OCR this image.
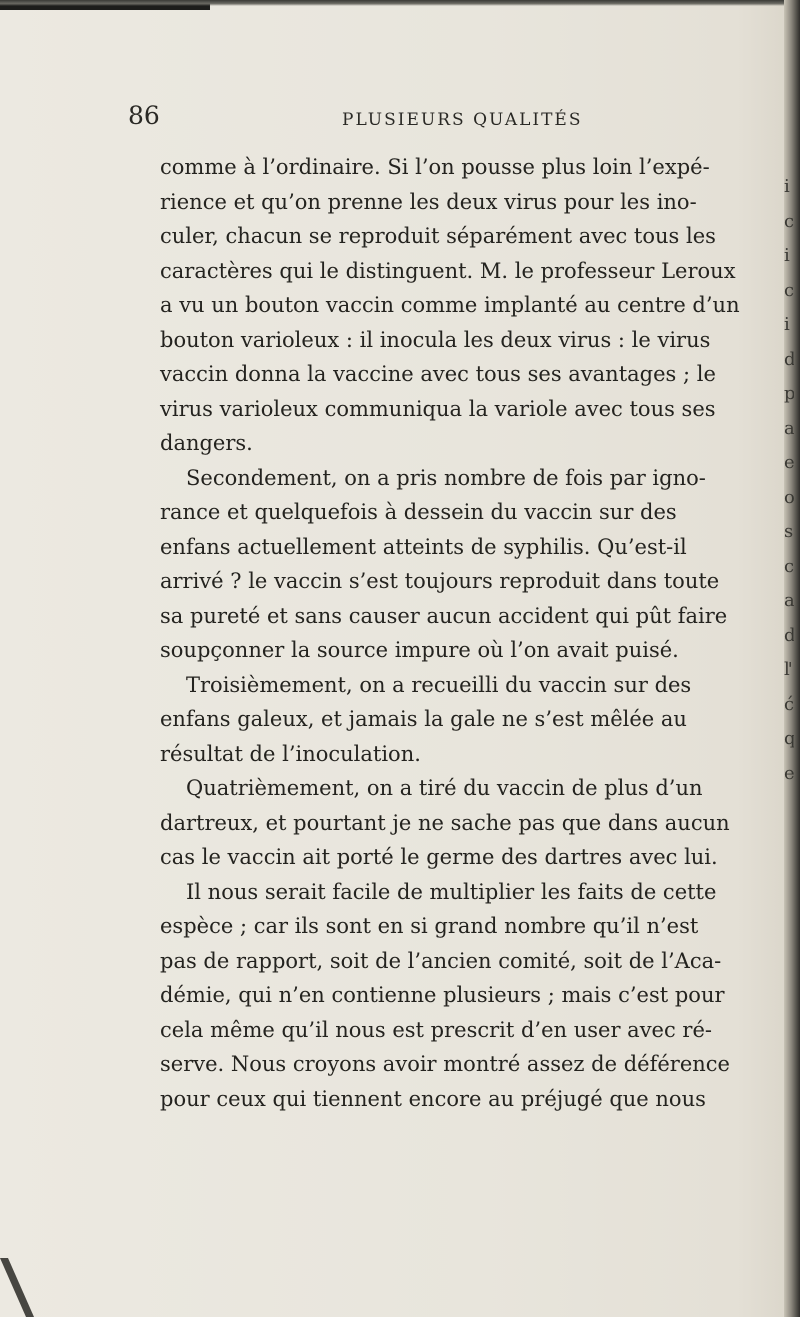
86	PLUSIEURS QUALITÉS
comme à l’ordinaire. Si l’on pousse plus loin l’expé-
rience et qu’on prenne les deux virus pour les ino-
culer, chacun se reproduit séparément avec tous les
caractères qui le distinguent. M. le professeur Leroux
a vu un bouton vaccin comme implanté au centre d’un
bouton varioleux : il inocula les deux virus : le virus
vaccin donna la vaccine avec tous ses avantages ; le
virus varioleux communiqua la variole avec tous ses
dangers.
Secondement, on a pris nombre de fois par igno-
rance et quelquefois à dessein du vaccin sur des
enfans actuellement atteints de syphilis. Qu’est-il
arrivé ? le vaccin s’est toujours reproduit dans toute
sa pureté et sans causer aucun accident qui pût faire
soupçonner la source impure où l’on avait puisé.
Troisièmement, on a recueilli du vaccin sur des
enfans galeux, et jamais la gale ne s’est mêlée au
résultat de l’inoculation.
Quatrièmement, on a tiré du vaccin de plus d’un
dartreux, et pourtant je ne sache pas que dans aucun
cas le vaccin ait porté le germe des dartres avec lui.
Il nous serait facile de multiplier les faits de cette
espèce ; car ils sont en si grand nombre qu’il n’est
pas de rapport, soit de l’ancien comité, soit de l’Aca-
démie, qui n’en contienne plusieurs ; mais c’est pour
cela même qu’il nous est prescrit d’en user avec ré-
serve. Nous croyons avoir montré assez de déférence
pour ceux qui tiennent encore au préjugé que nous
i
c
i
c
i
d
p
a
e
o
s
c
a
d
l'
ć
q
e
